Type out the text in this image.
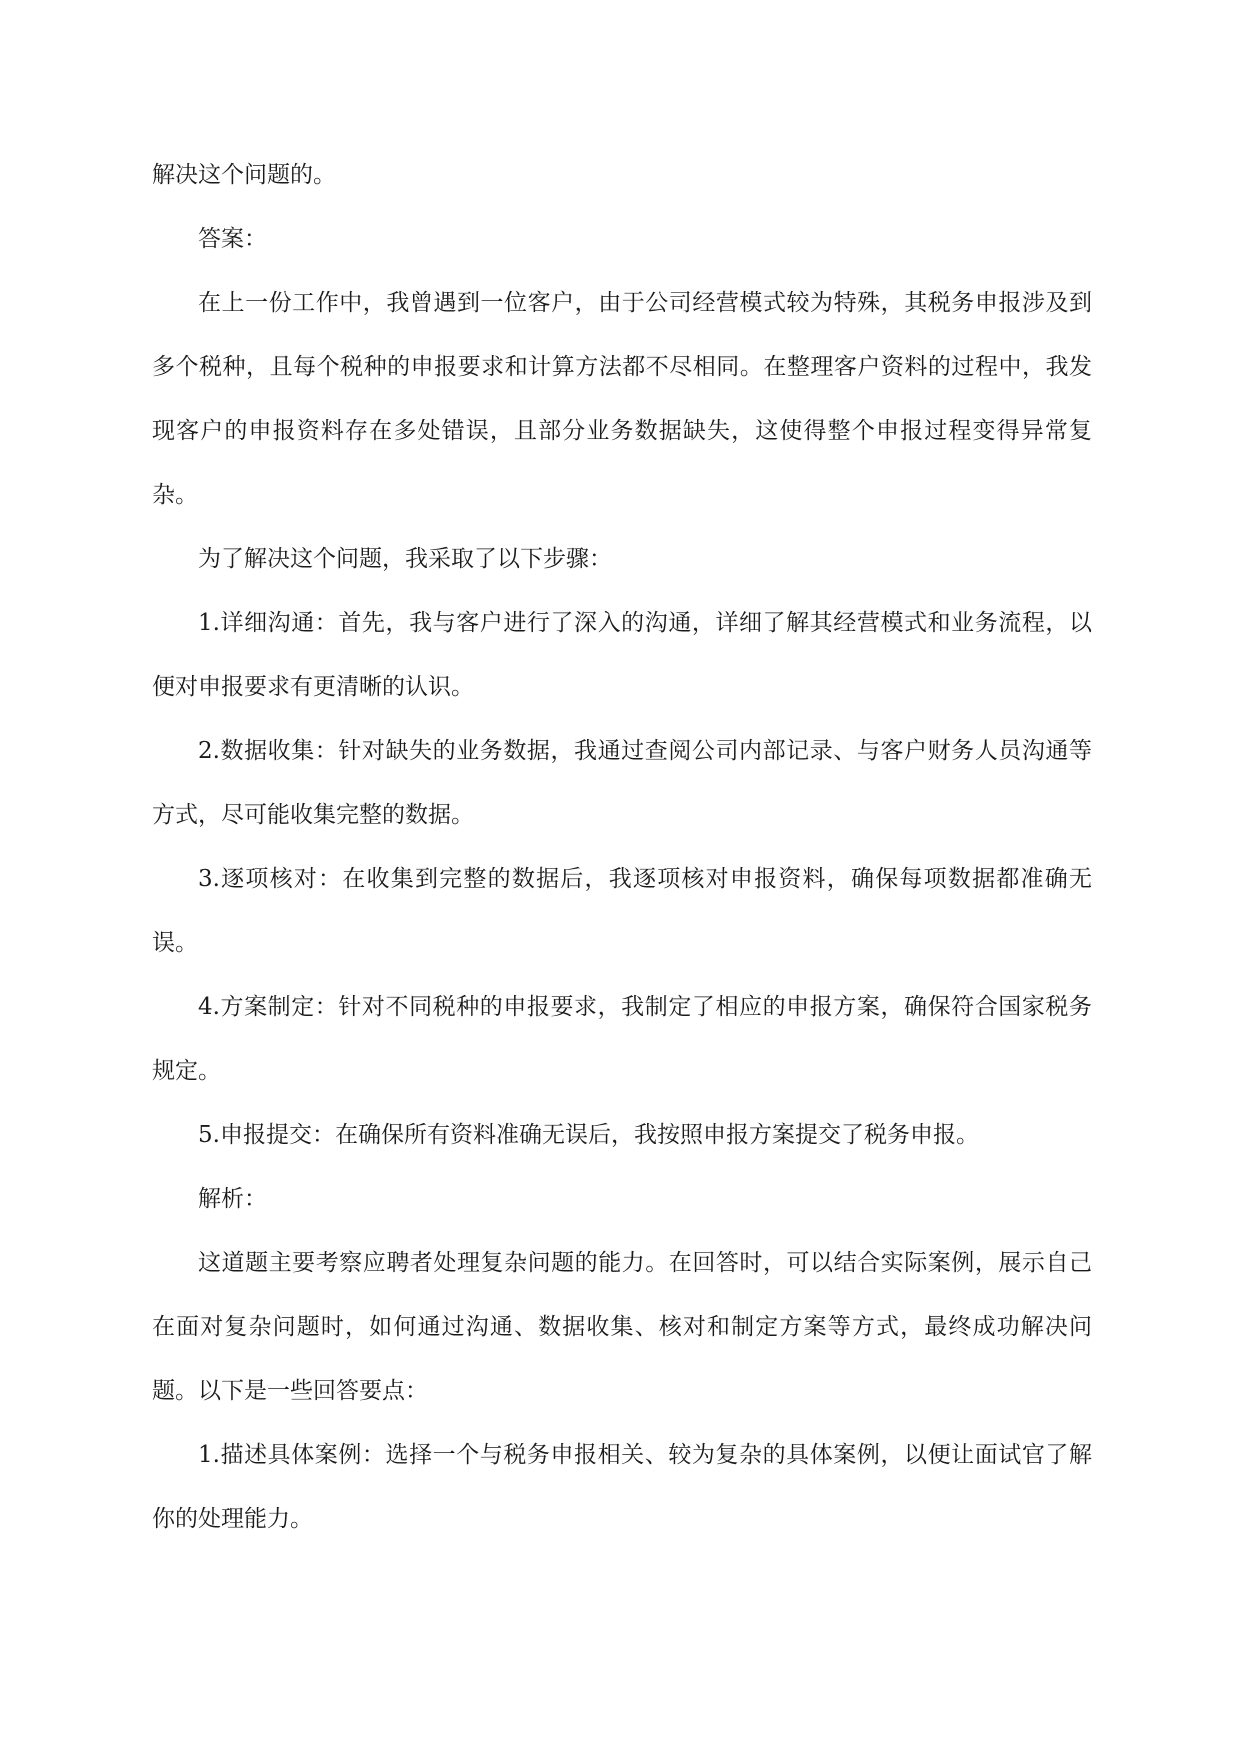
解决这个问题的。

答案：

在上一份工作中，我曾遇到一位客户，由于公司经营模式较为特殊，其税务申报涉及到多个税种，且每个税种的申报要求和计算方法都不尽相同。在整理客户资料的过程中，我发现客户的申报资料存在多处错误，且部分业务数据缺失，这使得整个申报过程变得异常复杂。

为了解决这个问题，我采取了以下步骤：

1.详细沟通：首先，我与客户进行了深入的沟通，详细了解其经营模式和业务流程，以便对申报要求有更清晰的认识。

2.数据收集：针对缺失的业务数据，我通过查阅公司内部记录、与客户财务人员沟通等方式，尽可能收集完整的数据。

3.逐项核对：在收集到完整的数据后，我逐项核对申报资料，确保每项数据都准确无误。

4.方案制定：针对不同税种的申报要求，我制定了相应的申报方案，确保符合国家税务规定。

5.申报提交：在确保所有资料准确无误后，我按照申报方案提交了税务申报。

解析：

这道题主要考察应聘者处理复杂问题的能力。在回答时，可以结合实际案例，展示自己在面对复杂问题时，如何通过沟通、数据收集、核对和制定方案等方式，最终成功解决问题。以下是一些回答要点：

1.描述具体案例：选择一个与税务申报相关、较为复杂的具体案例，以便让面试官了解你的处理能力。
